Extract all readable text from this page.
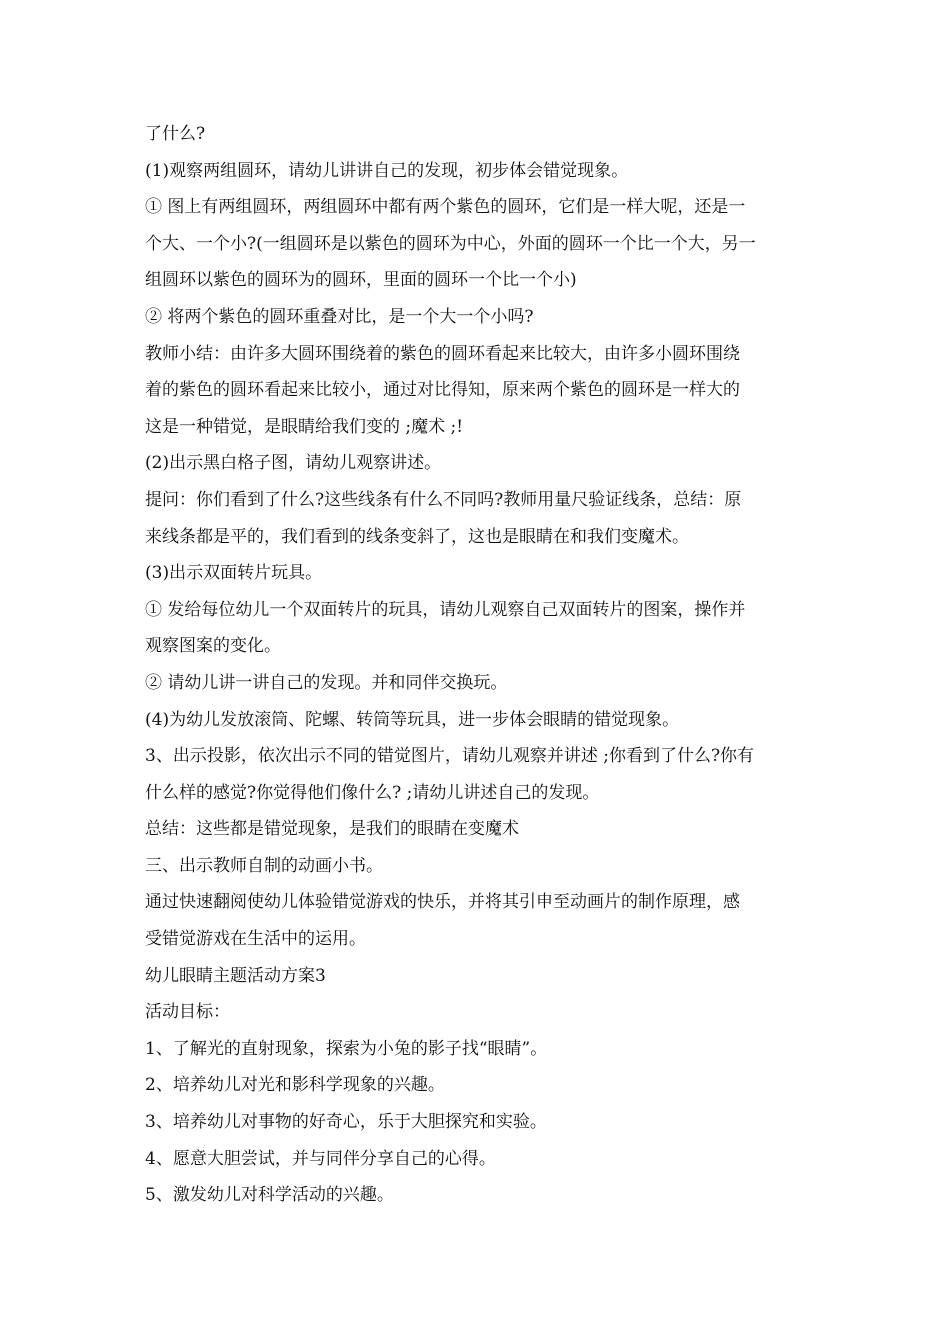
了什么?
(1)观察两组圆环，请幼儿讲讲自己的发现，初步体会错觉现象。
① 图上有两组圆环，两组圆环中都有两个紫色的圆环，它们是一样大呢，还是一
个大、一个小?(一组圆环是以紫色的圆环为中心，外面的圆环一个比一个大，另一
组圆环以紫色的圆环为的圆环，里面的圆环一个比一个小)
② 将两个紫色的圆环重叠对比，是一个大一个小吗?
教师小结：由许多大圆环围绕着的紫色的圆环看起来比较大，由许多小圆环围绕
着的紫色的圆环看起来比较小，通过对比得知，原来两个紫色的圆环是一样大的
这是一种错觉，是眼睛给我们变的 ;魔术 ;!
(2)出示黑白格子图，请幼儿观察讲述。
提问：你们看到了什么?这些线条有什么不同吗?教师用量尺验证线条，总结：原
来线条都是平的，我们看到的线条变斜了，这也是眼睛在和我们变魔术。
(3)出示双面转片玩具。
① 发给每位幼儿一个双面转片的玩具，请幼儿观察自己双面转片的图案，操作并
观察图案的变化。
② 请幼儿讲一讲自己的发现。并和同伴交换玩。
(4)为幼儿发放滚筒、陀螺、转筒等玩具，进一步体会眼睛的错觉现象。
3、出示投影，依次出示不同的错觉图片，请幼儿观察并讲述 ;你看到了什么?你有
什么样的感觉?你觉得他们像什么? ;请幼儿讲述自己的发现。
总结：这些都是错觉现象，是我们的眼睛在变魔术
三、出示教师自制的动画小书。
通过快速翻阅使幼儿体验错觉游戏的快乐，并将其引申至动画片的制作原理，感
受错觉游戏在生活中的运用。
幼儿眼睛主题活动方案3
活动目标：
1、了解光的直射现象，探索为小兔的影子找“眼睛”。
2、培养幼儿对光和影科学现象的兴趣。
3、培养幼儿对事物的好奇心，乐于大胆探究和实验。
4、愿意大胆尝试，并与同伴分享自己的心得。
5、激发幼儿对科学活动的兴趣。
